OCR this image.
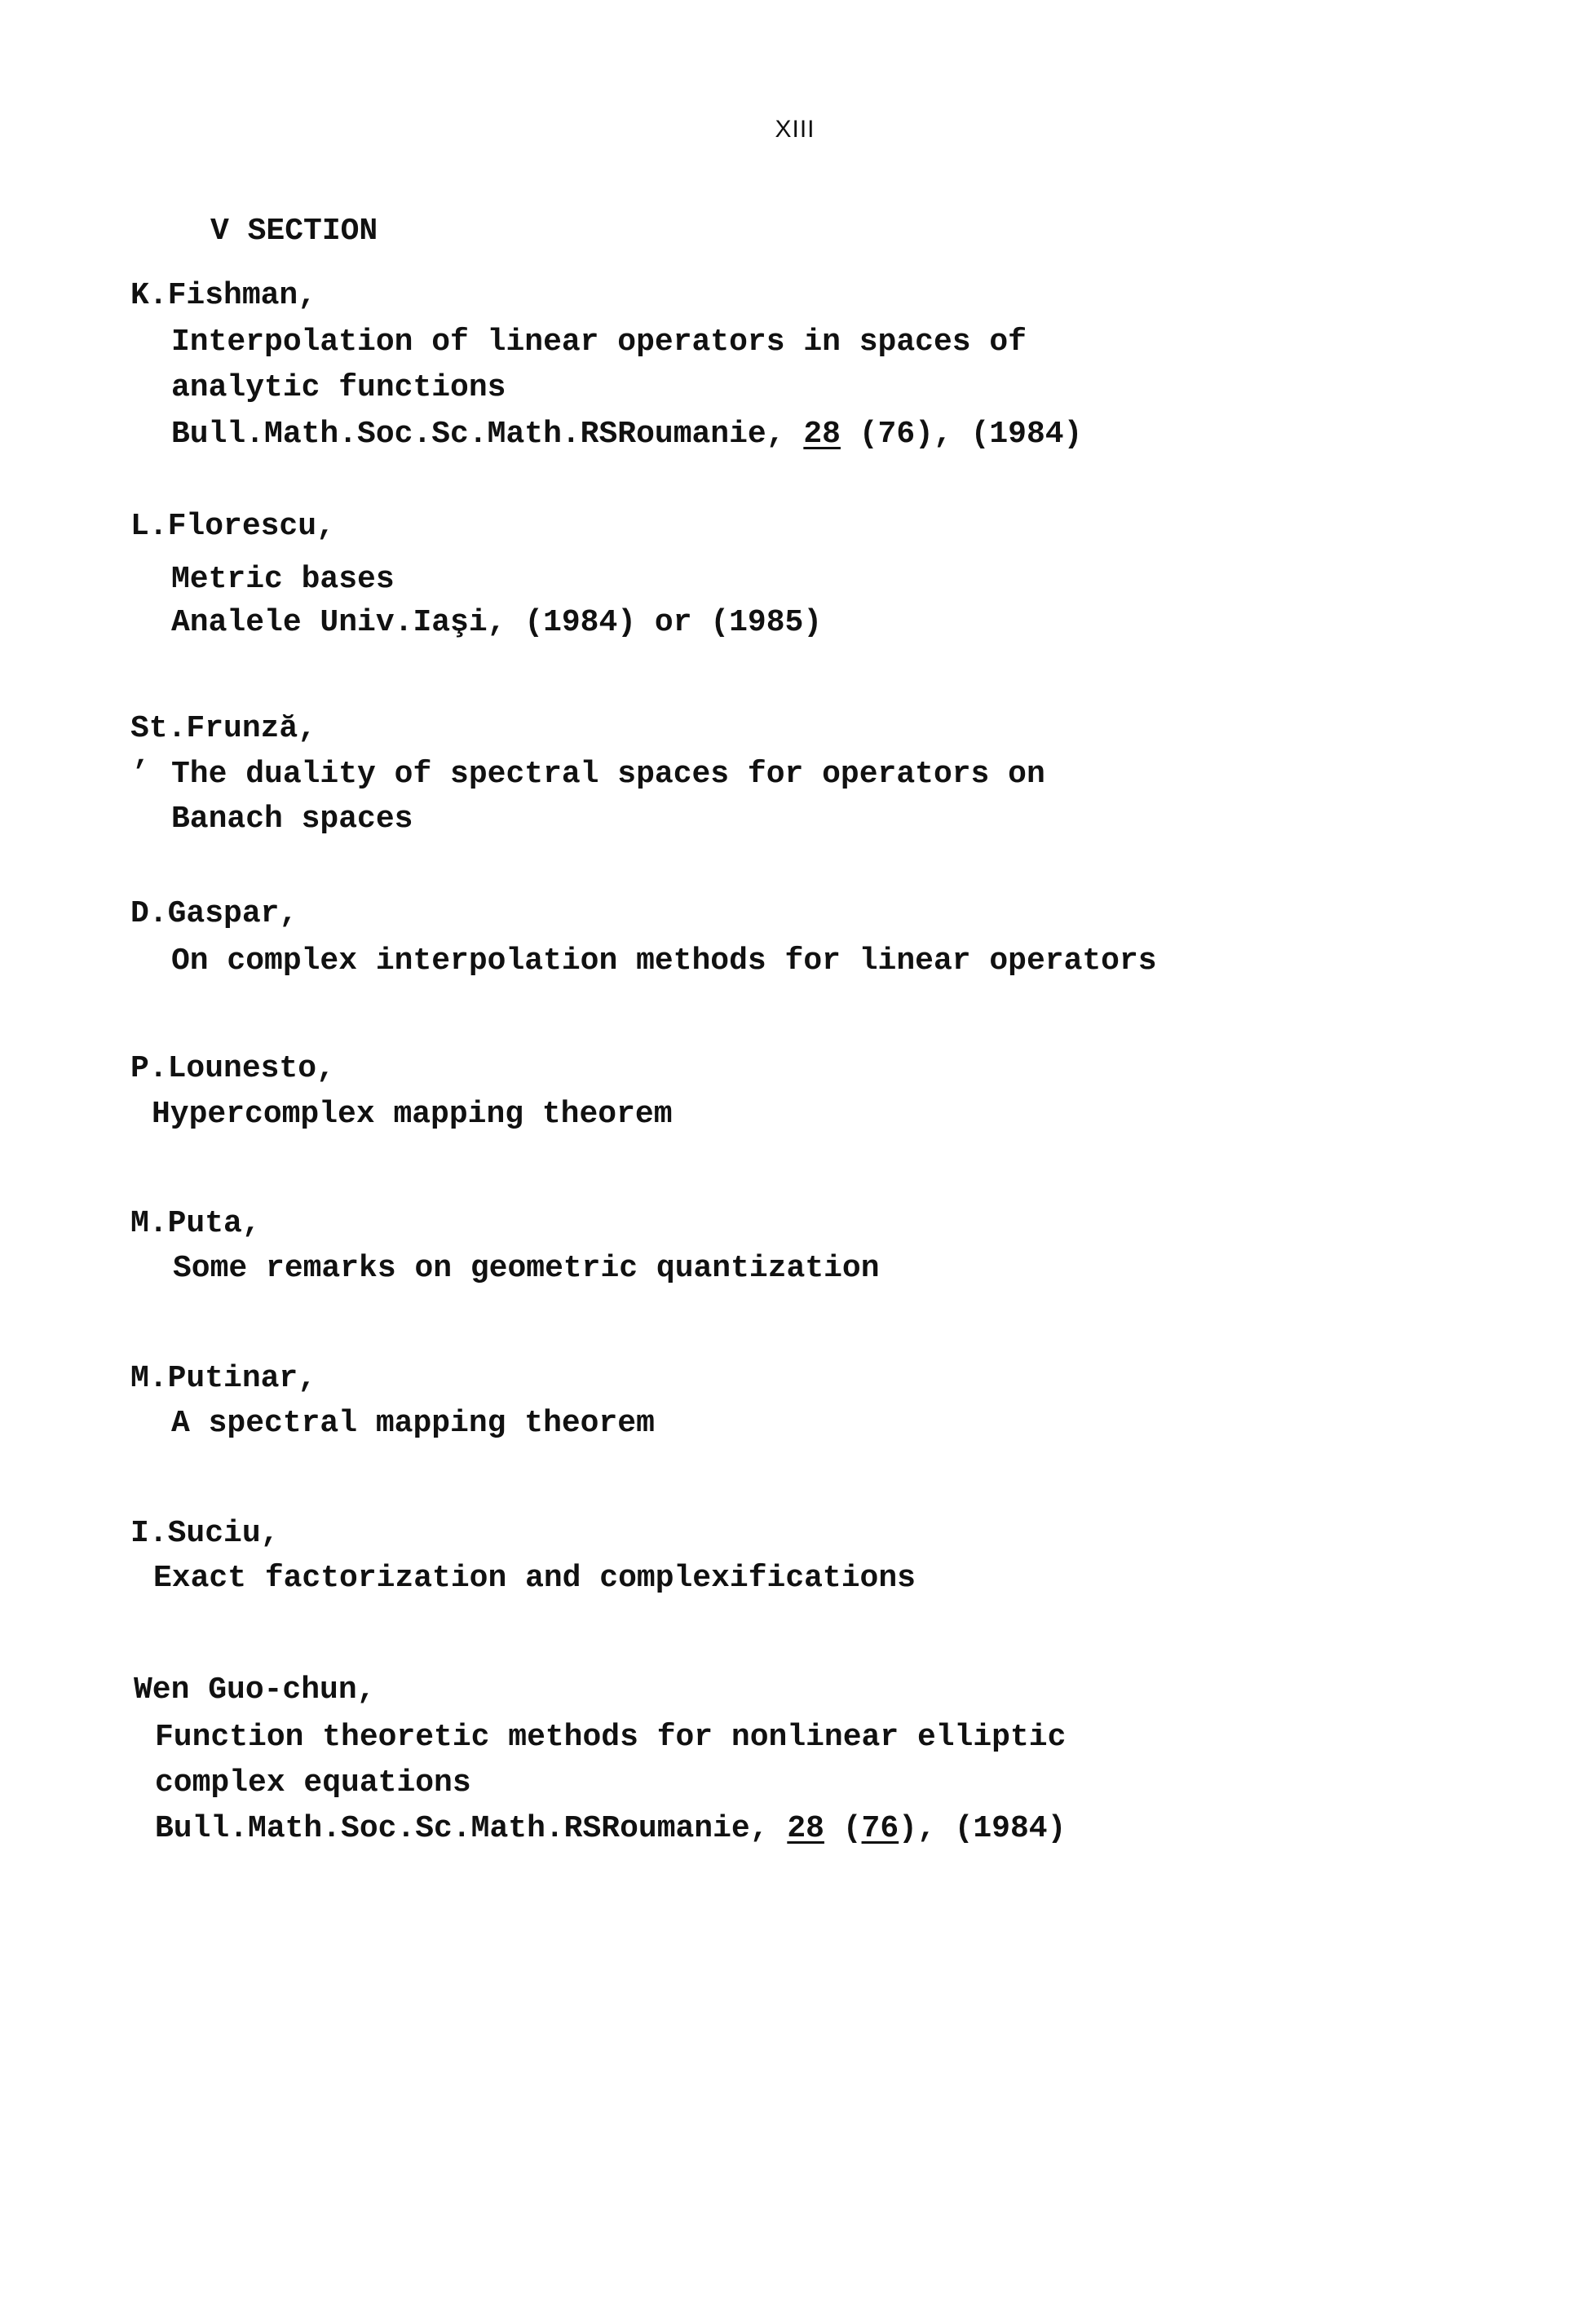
XIII
V SECTION
K.Fishman,
Interpolation of linear operators in spaces of
analytic functions
Bull.Math.Soc.Sc.Math.RSRoumanie, 28 (76), (1984)
L.Florescu,
Metric bases
Analele Univ.Iaşi, (1984) or (1985)
St.Frunză,
,
The duality of spectral spaces for operators on
Banach spaces
D.Gaspar,
On complex interpolation methods for linear operators
P.Lounesto,
Hypercomplex mapping theorem
M.Puta,
Some remarks on geometric quantization
M.Putinar,
A spectral mapping theorem
I.Suciu,
Exact factorization and complexifications
Wen Guo-chun,
Function theoretic methods for nonlinear elliptic
complex equations
Bull.Math.Soc.Sc.Math.RSRoumanie, 28 (76), (1984)
